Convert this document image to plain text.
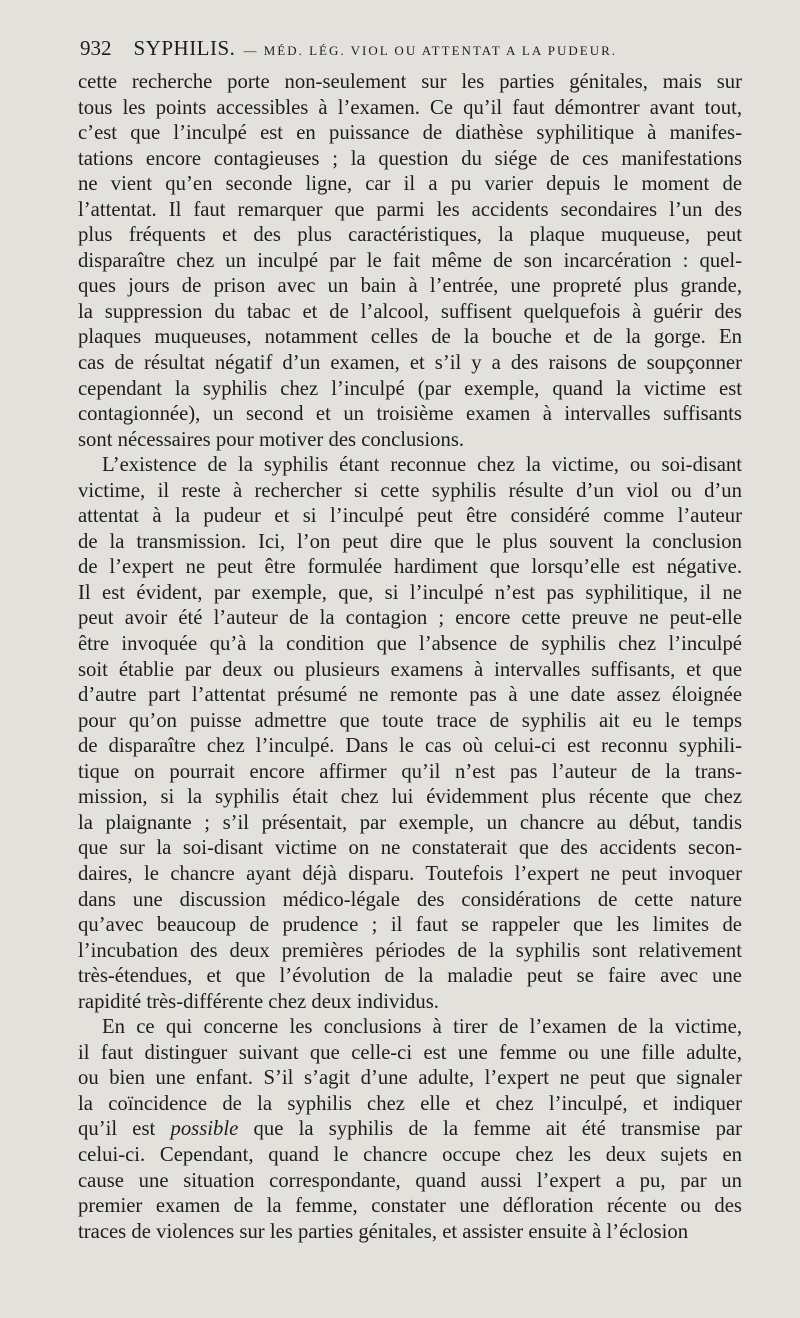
932 SYPHILIS. — MÉD. LÉG. VIOL OU ATTENTAT A LA PUDEUR.

cette recherche porte non-seulement sur les parties génitales, mais sur
tous les points accessibles à l’examen. Ce qu’il faut démontrer avant tout,
c’est que l’inculpé est en puissance de diathèse syphilitique à manifes-
tations encore contagieuses ; la question du siége de ces manifestations
ne vient qu’en seconde ligne, car il a pu varier depuis le moment de
l’attentat. Il faut remarquer que parmi les accidents secondaires l’un des
plus fréquents et des plus caractéristiques, la plaque muqueuse, peut
disparaître chez un inculpé par le fait même de son incarcération : quel-
ques jours de prison avec un bain à l’entrée, une propreté plus grande,
la suppression du tabac et de l’alcool, suffisent quelquefois à guérir des
plaques muqueuses, notamment celles de la bouche et de la gorge. En
cas de résultat négatif d’un examen, et s’il y a des raisons de soupçonner
cependant la syphilis chez l’inculpé (par exemple, quand la victime est
contagionnée), un second et un troisième examen à intervalles suffisants
sont nécessaires pour motiver des conclusions.

L’existence de la syphilis étant reconnue chez la victime, ou soi-disant
victime, il reste à rechercher si cette syphilis résulte d’un viol ou d’un
attentat à la pudeur et si l’inculpé peut être considéré comme l’auteur
de la transmission. Ici, l’on peut dire que le plus souvent la conclusion
de l’expert ne peut être formulée hardiment que lorsqu’elle est négative.
Il est évident, par exemple, que, si l’inculpé n’est pas syphilitique, il ne
peut avoir été l’auteur de la contagion ; encore cette preuve ne peut-elle
être invoquée qu’à la condition que l’absence de syphilis chez l’inculpé
soit établie par deux ou plusieurs examens à intervalles suffisants, et que
d’autre part l’attentat présumé ne remonte pas à une date assez éloignée
pour qu’on puisse admettre que toute trace de syphilis ait eu le temps
de disparaître chez l’inculpé. Dans le cas où celui-ci est reconnu syphili-
tique on pourrait encore affirmer qu’il n’est pas l’auteur de la trans-
mission, si la syphilis était chez lui évidemment plus récente que chez
la plaignante ; s’il présentait, par exemple, un chancre au début, tandis
que sur la soi-disant victime on ne constaterait que des accidents secon-
daires, le chancre ayant déjà disparu. Toutefois l’expert ne peut invoquer
dans une discussion médico-légale des considérations de cette nature
qu’avec beaucoup de prudence ; il faut se rappeler que les limites de
l’incubation des deux premières périodes de la syphilis sont relativement
très-étendues, et que l’évolution de la maladie peut se faire avec une
rapidité très-différente chez deux individus.

En ce qui concerne les conclusions à tirer de l’examen de la victime,
il faut distinguer suivant que celle-ci est une femme ou une fille adulte,
ou bien une enfant. S’il s’agit d’une adulte, l’expert ne peut que signaler
la coïncidence de la syphilis chez elle et chez l’inculpé, et indiquer
qu’il est possible que la syphilis de la femme ait été transmise par
celui-ci. Cependant, quand le chancre occupe chez les deux sujets en
cause une situation correspondante, quand aussi l’expert a pu, par un
premier examen de la femme, constater une défloration récente ou des
traces de violences sur les parties génitales, et assister ensuite à l’éclosion
